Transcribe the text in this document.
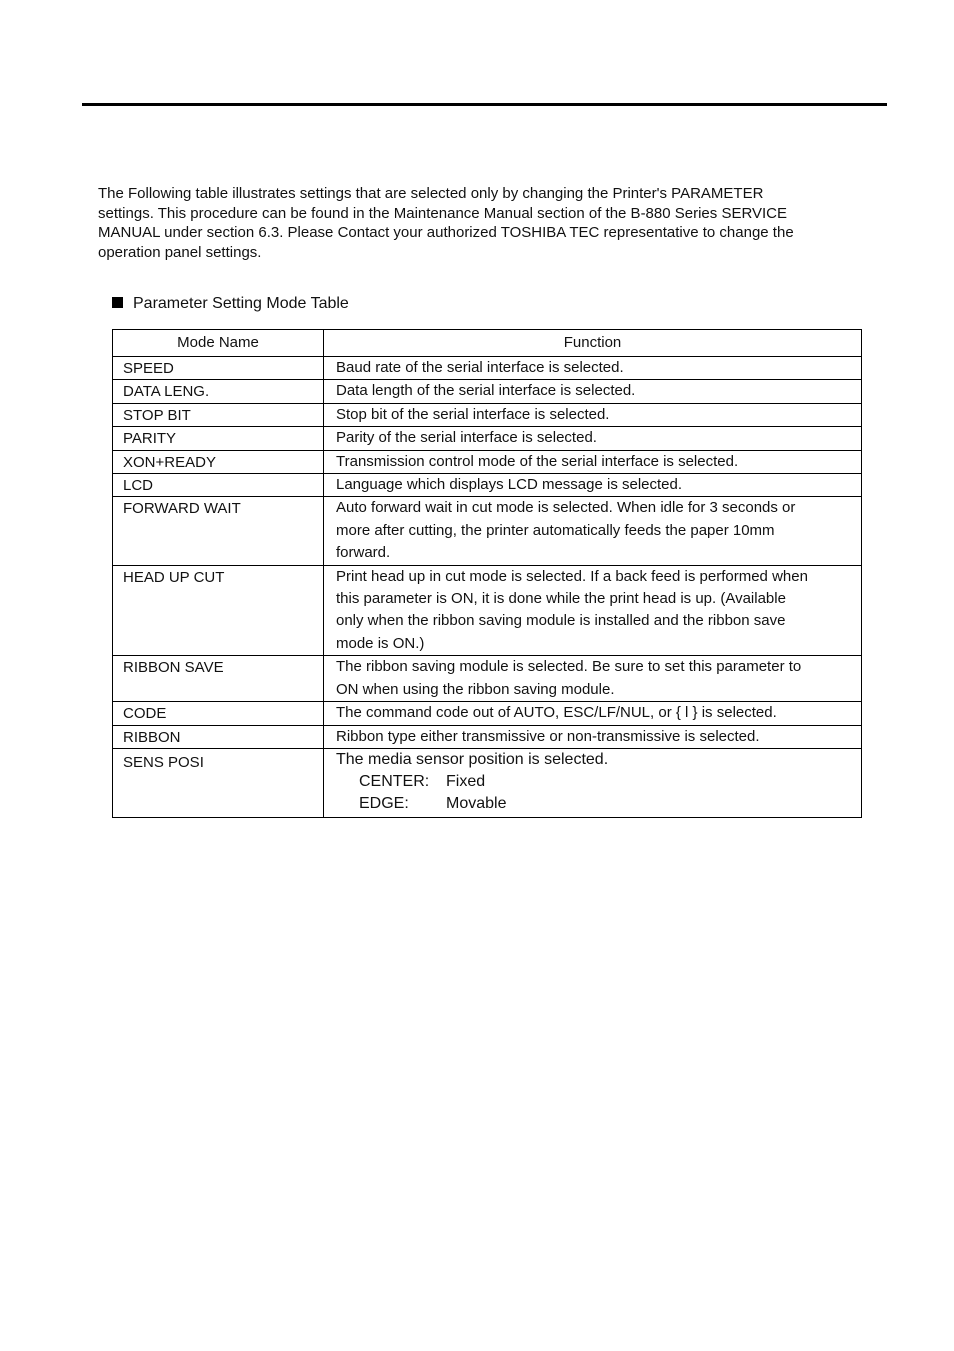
The Following table illustrates settings that are selected only by changing the Printer's PARAMETER
settings. This procedure can be found in the Maintenance Manual section of the B-880 Series SERVICE
MANUAL under section 6.3. Please Contact your authorized TOSHIBA TEC representative to change the
operation panel settings.
Parameter Setting Mode Table
Mode Name	Function
SPEED	Baud rate of the serial interface is selected.

DATA LENG.	Data length of the serial interface is selected.

STOP BIT	Stop bit of the serial interface is selected.

PARITY	Parity of the serial interface is selected.

XON+READY	Transmission control mode of the serial interface is selected.

LCD	Language which displays LCD message is selected.

FORWARD WAIT	Auto forward wait in cut mode is selected. When idle for 3 seconds or
more after cutting, the printer automatically feeds the paper 10mm
forward.

HEAD UP CUT	Print head up in cut mode is selected. If a back feed is performed when
this parameter is ON, it is done while the print head is up. (Available
only when the ribbon saving module is installed and the ribbon save
mode is ON.)

RIBBON SAVE	The ribbon saving module is selected. Be sure to set this parameter to
ON when using the ribbon saving module.

CODE	The command code out of AUTO, ESC/LF/NUL, or { l } is selected.

RIBBON	Ribbon type either transmissive or non-transmissive is selected.

SENS POSI	The media sensor position is selected.
CENTER: Fixed
EDGE: Movable
